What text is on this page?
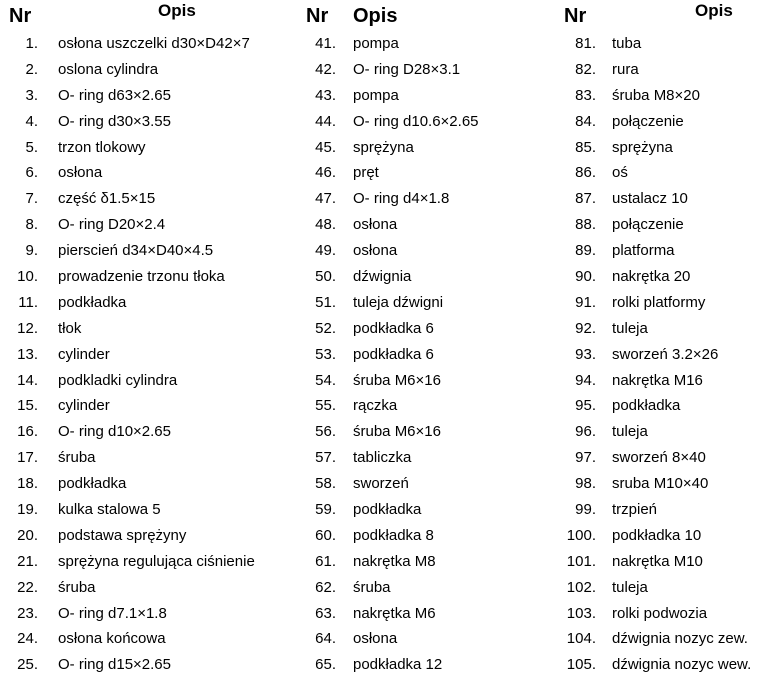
Nr	Opis
1. osłona uszczelki d30×D42×7
2. oslona cylindra
3. O- ring d63×2.65
4. O- ring d30×3.55
5. trzon tlokowy
6. osłona
7. część δ1.5×15
8. O- ring D20×2.4
9. pierscień d34×D40×4.5
10. prowadzenie trzonu tłoka
11. podkładka
12. tłok
13. cylinder
14. podkladki cylindra
15. cylinder
16. O- ring d10×2.65
17. śruba
18. podkładka
19. kulka stalowa 5
20. podstawa sprężyny
21. sprężyna regulująca ciśnienie
22. śruba
23. O- ring d7.1×1.8
24. osłona końcowa
25. O- ring d15×2.65
Nr Opis
41. pompa
42. O- ring D28×3.1
43. pompa
44. O- ring d10.6×2.65
45. sprężyna
46. pręt
47. O- ring d4×1.8
48. osłona
49. osłona
50. dźwignia
51. tuleja dźwigni
52. podkładka 6
53. podkładka 6
54. śruba M6×16
55. rączka
56. śruba M6×16
57. tabliczka
58. sworzeń
59. podkładka
60. podkładka 8
61. nakrętka M8
62. śruba
63. nakrętka M6
64. osłona
65. podkładka 12
Nr	Opis
81. tuba
82. rura
83. śruba M8×20
84. połączenie
85. sprężyna
86. oś
87. ustalacz 10
88. połączenie
89. platforma
90. nakrętka 20
91. rolki platformy
92. tuleja
93. sworzeń 3.2×26
94. nakrętka M16
95. podkładka
96. tuleja
97. sworzeń 8×40
98. sruba M10×40
99. trzpień
100. podkładka 10
101. nakrętka M10
102. tuleja
103. rolki podwozia
104. dźwignia nozyc zew.
105. dźwignia nozyc wew.
